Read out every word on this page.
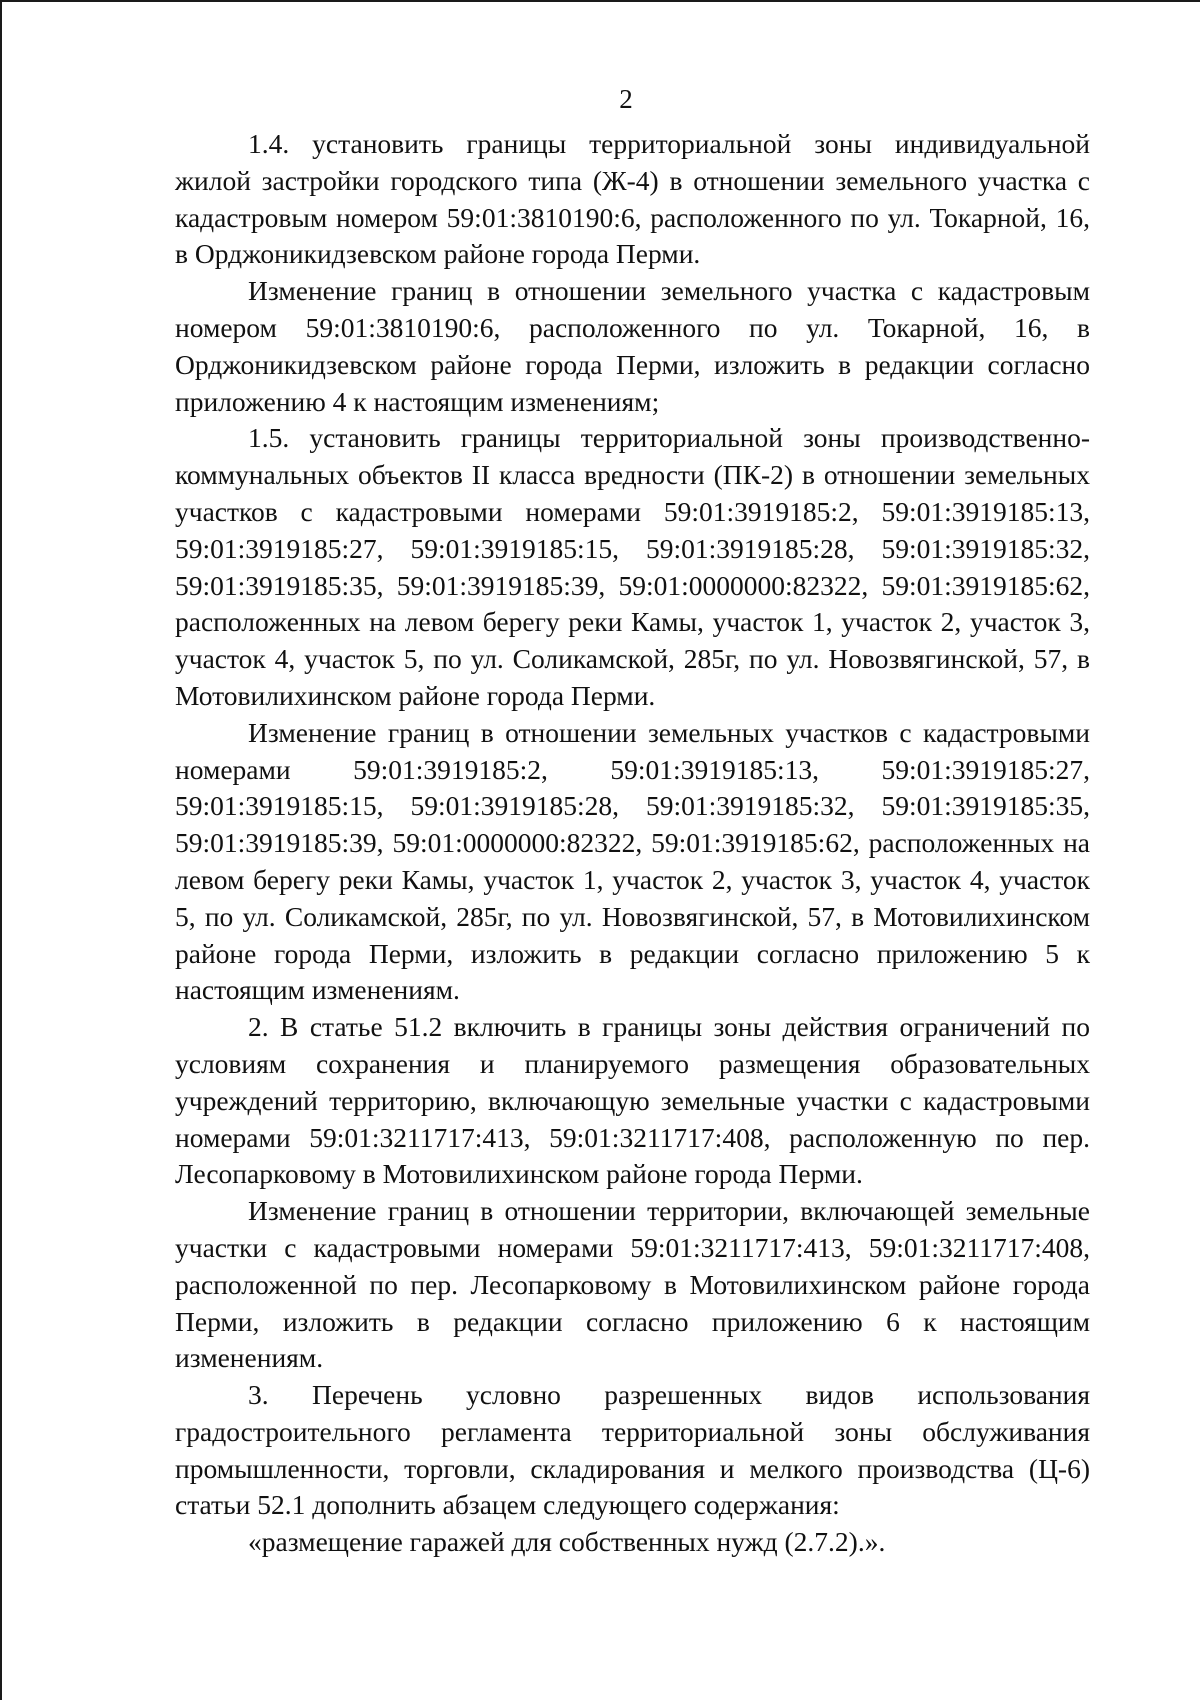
2

1.4. установить границы территориальной зоны индивидуальной жилой застройки городского типа (Ж-4) в отношении земельного участка с кадастровым номером 59:01:3810190:6, расположенного по ул. Токарной, 16, в Орджоникидзевском районе города Перми.

Изменение границ в отношении земельного участка с кадастровым номером 59:01:3810190:6, расположенного по ул. Токарной, 16, в Орджоникидзевском районе города Перми, изложить в редакции согласно приложению 4 к настоящим изменениям;

1.5. установить границы территориальной зоны производственно-коммунальных объектов II класса вредности (ПК-2) в отношении земельных участков с кадастровыми номерами 59:01:3919185:2, 59:01:3919185:13, 59:01:3919185:27, 59:01:3919185:15, 59:01:3919185:28, 59:01:3919185:32, 59:01:3919185:35, 59:01:3919185:39, 59:01:0000000:82322, 59:01:3919185:62, расположенных на левом берегу реки Камы, участок 1, участок 2, участок 3, участок 4, участок 5, по ул. Соликамской, 285г, по ул. Новозвягинской, 57, в Мотовилихинском районе города Перми.

Изменение границ в отношении земельных участков с кадастровыми номерами 59:01:3919185:2, 59:01:3919185:13, 59:01:3919185:27, 59:01:3919185:15, 59:01:3919185:28, 59:01:3919185:32, 59:01:3919185:35, 59:01:3919185:39, 59:01:0000000:82322, 59:01:3919185:62, расположенных на левом берегу реки Камы, участок 1, участок 2, участок 3, участок 4, участок 5, по ул. Соликамской, 285г, по ул. Новозвягинской, 57, в Мотовилихинском районе города Перми, изложить в редакции согласно приложению 5 к настоящим изменениям.

2. В статье 51.2 включить в границы зоны действия ограничений по условиям сохранения и планируемого размещения образовательных учреждений территорию, включающую земельные участки с кадастровыми номерами 59:01:3211717:413, 59:01:3211717:408, расположенную по пер. Лесопарковому в Мотовилихинском районе города Перми.

Изменение границ в отношении территории, включающей земельные участки с кадастровыми номерами 59:01:3211717:413, 59:01:3211717:408, расположенной по пер. Лесопарковому в Мотовилихинском районе города Перми, изложить в редакции согласно приложению 6 к настоящим изменениям.

3. Перечень условно разрешенных видов использования градостроительного регламента территориальной зоны обслуживания промышленности, торговли, складирования и мелкого производства (Ц-6) статьи 52.1 дополнить абзацем следующего содержания:

«размещение гаражей для собственных нужд (2.7.2).».
